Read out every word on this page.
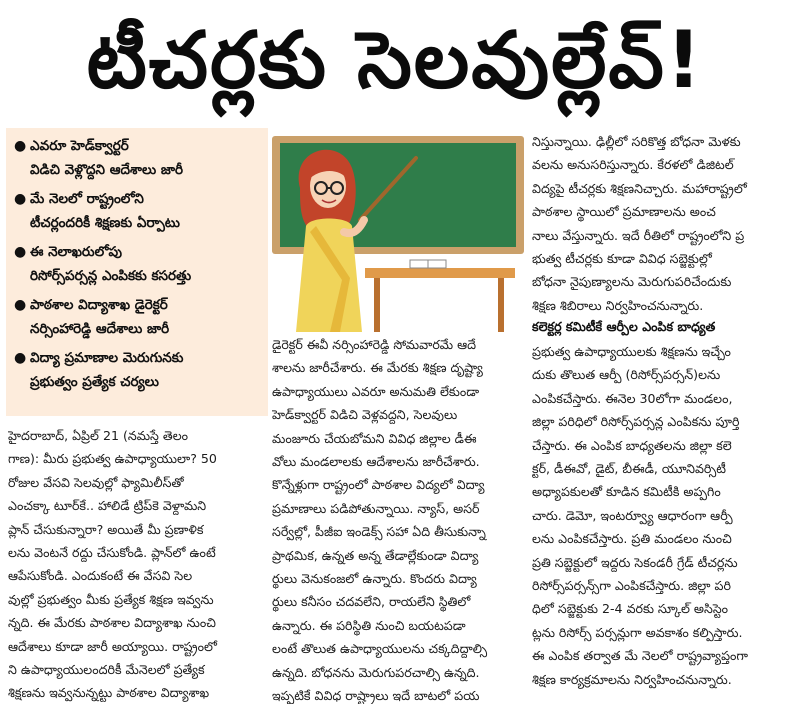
టీచర్లకు సెలవుల్లేవ్!
● ఎవరూ హెడ్‌క్వార్టర్
విడిచి వెళ్లొద్దని ఆదేశాలు జారీ
● మే నెలలో రాష్ట్రంలోని
టీచర్లందరికీ శిక్షణకు ఏర్పాటు
● ఈ నెలాఖరులోపు
రిసోర్స్‌పర్సన్ల ఎంపికకు కసరత్తు
● పాఠశాల విద్యాశాఖ డైరెక్టర్
నర్సింహారెడ్డి ఆదేశాలు జారీ
● విద్యా ప్రమాణాల మెరుగునకు
ప్రభుత్వం ప్రత్యేక చర్యలు
హైదరాబాద్, ఏప్రిల్ 21 (నమస్తే తెలం
గాణ): మీరు ప్రభుత్వ ఉపాధ్యాయులా? 50
రోజుల వేసవి సెలవుల్లో ఫ్యామిలీస్‌తో
ఎంచక్కా టూర్‌కే.. హాలిడే ట్రిప్‌కె వెళ్దామని
ప్లాన్ చేసుకున్నారా? అయితే మీ ప్రణాళిక
లను వెంటనే రద్దు చేసుకోండి. ప్లాన్‌లో ఉంటే
ఆపేసుకోండి. ఎందుకంటే ఈ వేసవి సెల
వుల్లో ప్రభుత్వం మీకు ప్రత్యేక శిక్షణ ఇవ్వను
న్నది. ఈ మేరకు పాఠశాల విద్యాశాఖ నుంచి
ఆదేశాలు కూడా జారీ అయ్యాయి. రాష్ట్రంలో
ని ఉపాధ్యాయులందరికీ మేనెలలో ప్రత్యేక
శిక్షణను ఇవ్వనున్నట్టు పాఠశాల విద్యాశాఖ
డైరెక్టర్ ఈవీ నర్సింహారెడ్డి సోమవారమే ఆదే
శాలను జారీచేశారు. ఈ మేరకు శిక్షణ దృష్ట్యా
ఉపాధ్యాయులు ఎవరూ అనుమతి లేకుండా
హెడ్‌క్వార్టర్ విడిచి వెళ్లవద్దని, సెలవులు
మంజూరు చేయబోమని వివిధ జిల్లాల డీఈ
వోలు మండలాలకు ఆదేశాలను జారీచేశారు.
కొన్నేళ్లుగా రాష్ట్రంలో పాఠశాల విద్యలో విద్యా
ప్రమాణాలు పడిపోతున్నాయి. న్యాస్, అసర్
సర్వేల్లో, పీజీఐ ఇండెక్స్ సహా ఏది తీసుకున్నా
ప్రాథమిక, ఉన్నత అన్న తేడాల్లేకుండా విద్యా
ర్థులు వెనుకంజలో ఉన్నారు. కొందరు విద్యా
ర్థులు కనీసం చదవలేని, రాయలేని స్థితిలో
ఉన్నారు. ఈ పరిస్థితి నుంచి బయటపడా
లంటే తొలుత ఉపాధ్యాయులను చక్కదిద్దాల్సి
ఉన్నది. బోధనను మెరుగుపరచాల్సి ఉన్నది.
ఇప్పటికే వివిధ రాష్ట్రాలు ఇదే బాటలో పయ
నిస్తున్నాయి. ఢిల్లీలో సరికొత్త బోధనా మెళకు
వలను అనుసరిస్తున్నారు. కేరళలో డిజిటల్
విద్యపై టీచర్లకు శిక్షణనిచ్చారు. మహారాష్ట్రలో
పాఠశాల స్థాయిలో ప్రమాణాలను అంచ
నాలు వేస్తున్నారు. ఇదే రీతిలో రాష్ట్రంలోని ప్ర
భుత్వ టీచర్లకు కూడా వివిధ సబ్జెక్టుల్లో
బోధనా నైపుణ్యాలను మెరుగుపరిచేందుకు
శిక్షణ శిబిరాలు నిర్వహించనున్నారు.
కలెక్టర్ల కమిటీకే ఆర్పీల ఎంపిక బాధ్యత
ప్రభుత్వ ఉపాధ్యాయులకు శిక్షణను ఇచ్చేం
దుకు తొలుత ఆర్పీ (రిసోర్స్‌పర్సన్)లను
ఎంపికచేస్తారు. ఈనెల 30లోగా మండలం,
జిల్లా పరిధిలో రిసోర్స్‌పర్సన్ల ఎంపికను పూర్తి
చేస్తారు. ఈ ఎంపిక బాధ్యతలను జిల్లా కలె
క్టర్, డీఈవో, డైట్, బీఈడీ, యూనివర్సిటీ
అధ్యాపకులతో కూడిన కమిటీకి అప్పగిం
చారు. డెమో, ఇంటర్వ్యూ ఆధారంగా ఆర్పీ
లను ఎంపికచేస్తారు. ప్రతి మండలం నుంచి
ప్రతి సబ్జెక్టులో ఇద్దరు సెకండరీ గ్రేడ్ టీచర్లను
రిసోర్స్‌పర్సన్స్‌గా ఎంపికచేస్తారు. జిల్లా పరి
ధిలో సబ్జెక్టుకు 2-4 వరకు స్కూల్ అసిస్టెం
ట్లను రిసోర్స్ పర్సన్లుగా అవకాశం కల్పిస్తారు.
ఈ ఎంపిక తర్వాత మే నెలలో రాష్ట్రవ్యాప్తంగా
శిక్షణ కార్యక్రమాలను నిర్వహించనున్నారు.
